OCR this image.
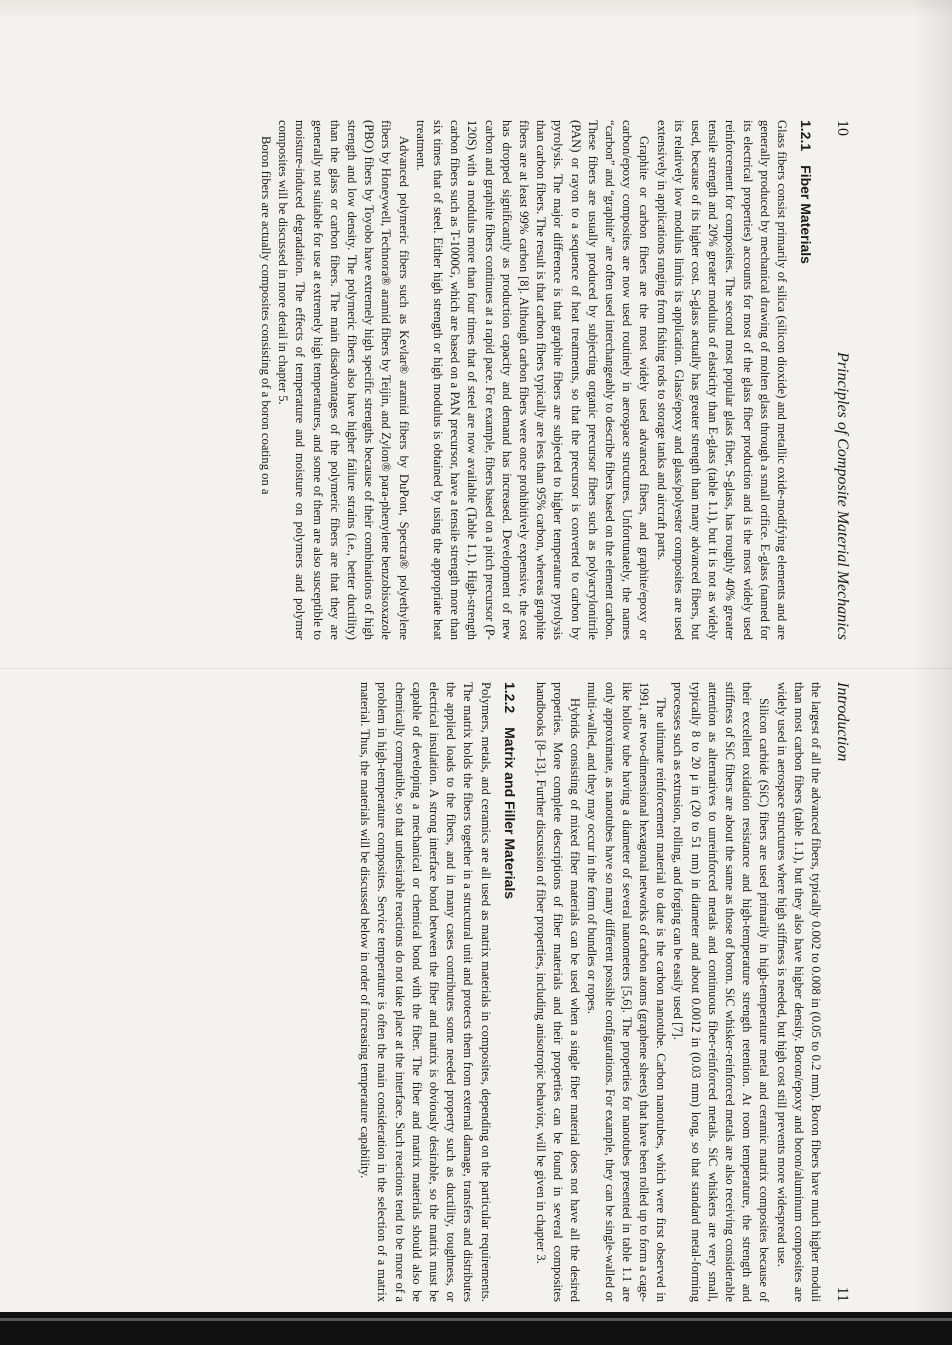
10
Principles of Composite Material Mechanics
1.2.1Fiber Materials

Glass fibers consist primarily of silica (silicon dioxide) and metallic oxide-modifying elements and are generally produced by mechanical drawing of molten glass through a small orifice. E-glass (named for its electrical properties) accounts for most of the glass fiber production and is the most widely used reinforcement for composites. The second most popular glass fiber, S-glass, has roughly 40% greater tensile strength and 20% greater modulus of elasticity than E-glass (table 1.1), but it is not as widely used, because of its higher cost. S-glass actually has greater strength than many advanced fibers, but its relatively low modulus limits its application. Glass/epoxy and glass/polyester composites are used extensively in applications ranging from fishing rods to storage tanks and aircraft parts.

Graphite or carbon fibers are the most widely used advanced fibers, and graphite/epoxy or carbon/epoxy composites are now used routinely in aerospace structures. Unfortunately, the names “carbon” and “graphite” are often used interchangeably to describe fibers based on the element carbon. These fibers are usually produced by subjecting organic precursor fibers such as polyacrylonitrile (PAN) or rayon to a sequence of heat treatments, so that the precursor is converted to carbon by pyrolysis. The major difference is that graphite fibers are subjected to higher temperature pyrolysis than carbon fibers. The result is that carbon fibers typically are less than 95% carbon, whereas graphite fibers are at least 99% carbon [8]. Although carbon fibers were once prohibitively expensive, the cost has dropped significantly as production capacity and demand has increased. Development of new carbon and graphite fibers continues at a rapid pace. For example, fibers based on a pitch precursor (P-120S) with a modulus more than four times that of steel are now available (Table 1.1). High-strength carbon fibers such as T-1000G, which are based on a PAN precursor, have a tensile strength more than six times that of steel. Either high strength or high modulus is obtained by using the appropriate heat treatment.

Advanced polymeric fibers such as Kevlar® aramid fibers by DuPont, Spectra® polyethylene fibers by Honeywell, Technora® aramid fibers by Teijin, and Zylon® para-phenylene benzobisoxazole (PBO) fibers by Toyobo have extremely high specific strengths because of their combinations of high strength and low density. The polymeric fibers also have higher failure strains (i.e., better ductility) than the glass or carbon fibers. The main disadvantages of the polymeric fibers are that they are generally not suitable for use at extremely high temperatures, and some of them are also susceptible to moisture-induced degradation. The effects of temperature and moisture on polymers and polymer composites will be discussed in more detail in chapter 5.

Boron fibers are actually composites consisting of a boron coating on a

Introduction
11

the largest of all the advanced fibers, typically 0.002 to 0.008 in (0.05 to 0.2 mm). Boron fibers have much higher moduli than most carbon fibers (table 1.1), but they also have higher density. Boron/epoxy and boron/aluminum composites are widely used in aerospace structures where high stiffness is needed, but high cost still prevents more widespread use.

Silicon carbide (SiC) fibers are used primarily in high-temperature metal and ceramic matrix composites because of their excellent oxidation resistance and high-temperature strength retention. At room temperature, the strength and stiffness of SiC fibers are about the same as those of boron. SiC whisker-reinforced metals are also receiving considerable attention as alternatives to unreinforced metals and continuous fiber-reinforced metals. SiC whiskers are very small, typically 8 to 20 μ in (20 to 51 nm) in diameter and about 0.0012 in (0.03 mm) long, so that standard metal-forming processes such as extrusion, rolling, and forging can be easily used [7].

The ultimate reinforcement material to date is the carbon nanotube. Carbon nanotubes, which were first observed in 1991, are two-dimensional hexagonal networks of carbon atoms (graphene sheets) that have been rolled up to form a cage-like hollow tube having a diameter of several nanometers [5,6]. The properties for nanotubes presented in table 1.1 are only approximate, as nanotubes have so many different possible configurations. For example, they can be single-walled or multi-walled, and they may occur in the form of bundles or ropes.

Hybrids consisting of mixed fiber materials can be used when a single fiber material does not have all the desired properties. More complete descriptions of fiber materials and their properties can be found in several composites handbooks [8–13]. Further discussion of fiber properties, including anisotropic behavior, will be given in chapter 3.

1.2.2Matrix and Filler Materials

Polymers, metals, and ceramics are all used as matrix materials in composites, depending on the particular requirements. The matrix holds the fibers together in a structural unit and protects them from external damage, transfers and distributes the applied loads to the fibers, and in many cases contributes some needed property such as ductility, toughness, or electrical insulation. A strong interface bond between the fiber and matrix is obviously desirable, so the matrix must be capable of developing a mechanical or chemical bond with the fiber. The fiber and matrix materials should also be chemically compatible, so that undesirable reactions do not take place at the interface. Such reactions tend to be more of a problem in high-temperature composites. Service temperature is often the main consideration in the selection of a matrix material. Thus, the materials will be discussed below in order of increasing temperature capability.
